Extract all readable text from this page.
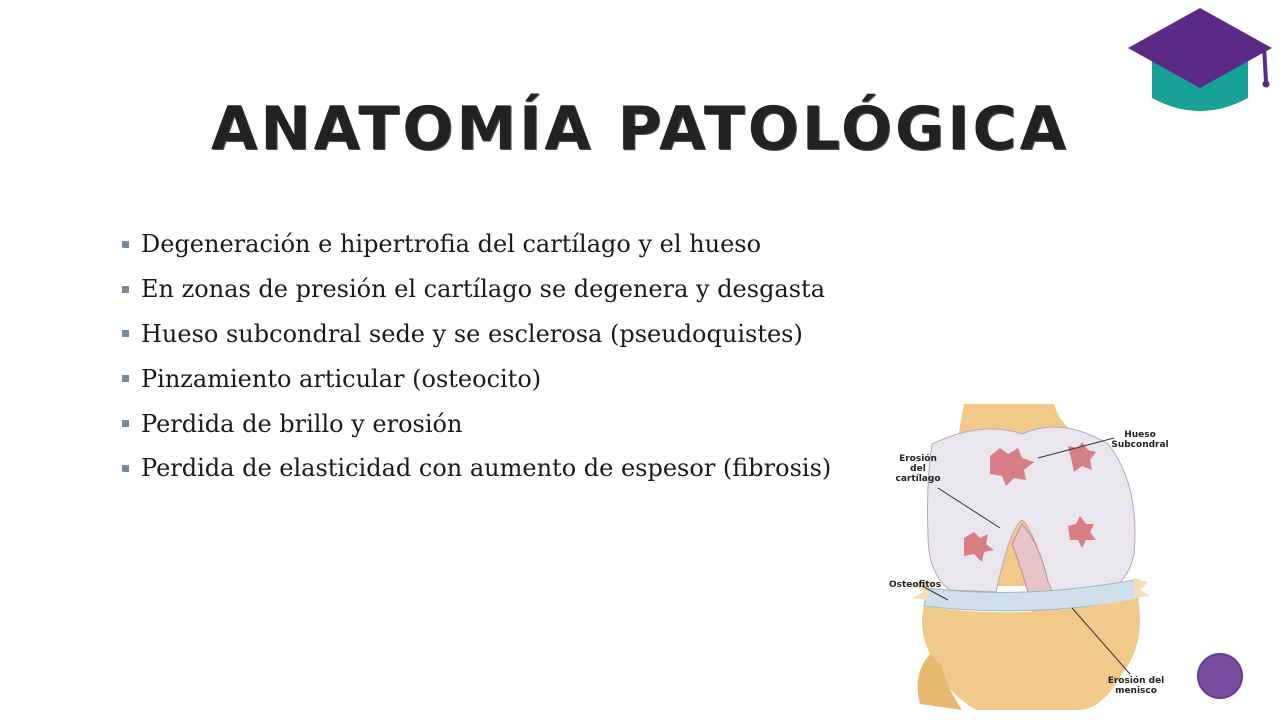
ANATOMÍA PATOLÓGICA
Degeneración e hipertrofia del cartílago y el hueso
En zonas de presión el cartílago se degenera y desgasta
Hueso subcondral sede y se esclerosa (pseudoquistes)
Pinzamiento articular (osteocito)
Perdida de brillo y erosión
Perdida de elasticidad con aumento de espesor (fibrosis)
Hueso
Subcondral
Erosión
del
cartílago
Osteofitos
Erosión del
menisco
